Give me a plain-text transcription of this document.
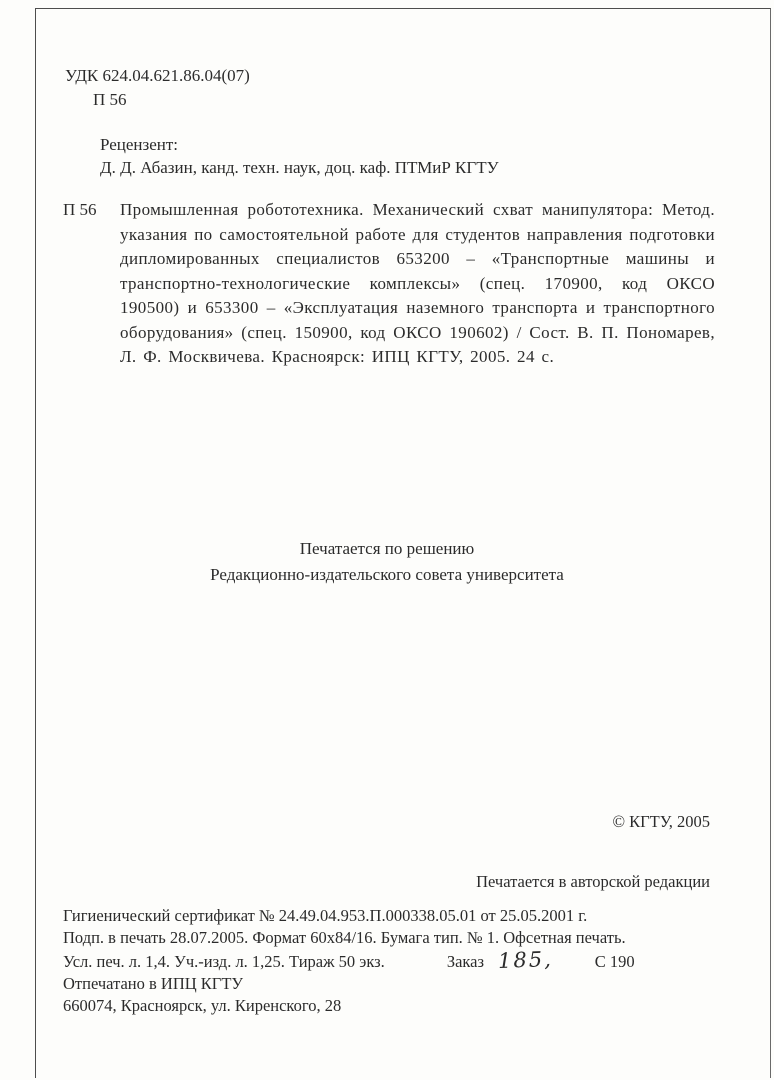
УДК 624.04.621.86.04(07)
П 56
Рецензент:
Д. Д. Абазин, канд. техн. наук, доц. каф. ПТМиР КГТУ
П 56 Промышленная робототехника. Механический схват манипулятора: Метод. указания по самостоятельной работе для студентов направления подготовки дипломированных специалистов 653200 – «Транспортные машины и транспортно-технологические комплексы» (спец. 170900, код ОКСО 190500) и 653300 – «Эксплуатация наземного транспорта и транспортного оборудования» (спец. 150900, код ОКСО 190602) / Сост. В. П. Пономарев, Л. Ф. Москвичева. Красноярск: ИПЦ КГТУ, 2005. 24 с.
Печатается по решению
Редакционно-издательского совета университета
© КГТУ, 2005
Печатается в авторской редакции
Гигиенический сертификат № 24.49.04.953.П.000338.05.01 от 25.05.2001 г.
Подп. в печать 28.07.2005. Формат 60х84/16. Бумага тип. № 1. Офсетная печать.
Усл. печ. л. 1,4. Уч.-изд. л. 1,25. Тираж 50 экз.	Заказ 185,	С 190
Отпечатано в ИПЦ КГТУ
660074, Красноярск, ул. Киренского, 28
